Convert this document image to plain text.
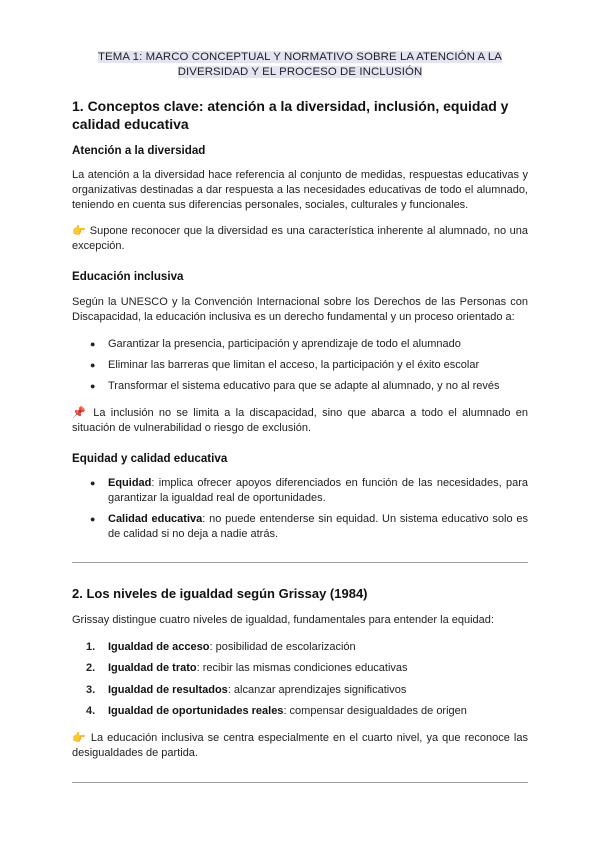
TEMA 1: MARCO CONCEPTUAL Y NORMATIVO SOBRE LA ATENCIÓN A LA
DIVERSIDAD Y EL PROCESO DE INCLUSIÓN
1. Conceptos clave: atención a la diversidad, inclusión, equidad y calidad educativa
Atención a la diversidad
La atención a la diversidad hace referencia al conjunto de medidas, respuestas educativas y organizativas destinadas a dar respuesta a las necesidades educativas de todo el alumnado, teniendo en cuenta sus diferencias personales, sociales, culturales y funcionales.
👉 Supone reconocer que la diversidad es una característica inherente al alumnado, no una excepción.
Educación inclusiva
Según la UNESCO y la Convención Internacional sobre los Derechos de las Personas con Discapacidad, la educación inclusiva es un derecho fundamental y un proceso orientado a:
●	Garantizar la presencia, participación y aprendizaje de todo el alumnado
●	Eliminar las barreras que limitan el acceso, la participación y el éxito escolar
●	Transformar el sistema educativo para que se adapte al alumnado, y no al revés
📌 La inclusión no se limita a la discapacidad, sino que abarca a todo el alumnado en situación de vulnerabilidad o riesgo de exclusión.
Equidad y calidad educativa
●	Equidad: implica ofrecer apoyos diferenciados en función de las necesidades, para garantizar la igualdad real de oportunidades.
●	Calidad educativa: no puede entenderse sin equidad. Un sistema educativo solo es de calidad si no deja a nadie atrás.
2. Los niveles de igualdad según Grissay (1984)
Grissay distingue cuatro niveles de igualdad, fundamentales para entender la equidad:
1.	Igualdad de acceso: posibilidad de escolarización
2.	Igualdad de trato: recibir las mismas condiciones educativas
3.	Igualdad de resultados: alcanzar aprendizajes significativos
4.	Igualdad de oportunidades reales: compensar desigualdades de origen
👉 La educación inclusiva se centra especialmente en el cuarto nivel, ya que reconoce las desigualdades de partida.
